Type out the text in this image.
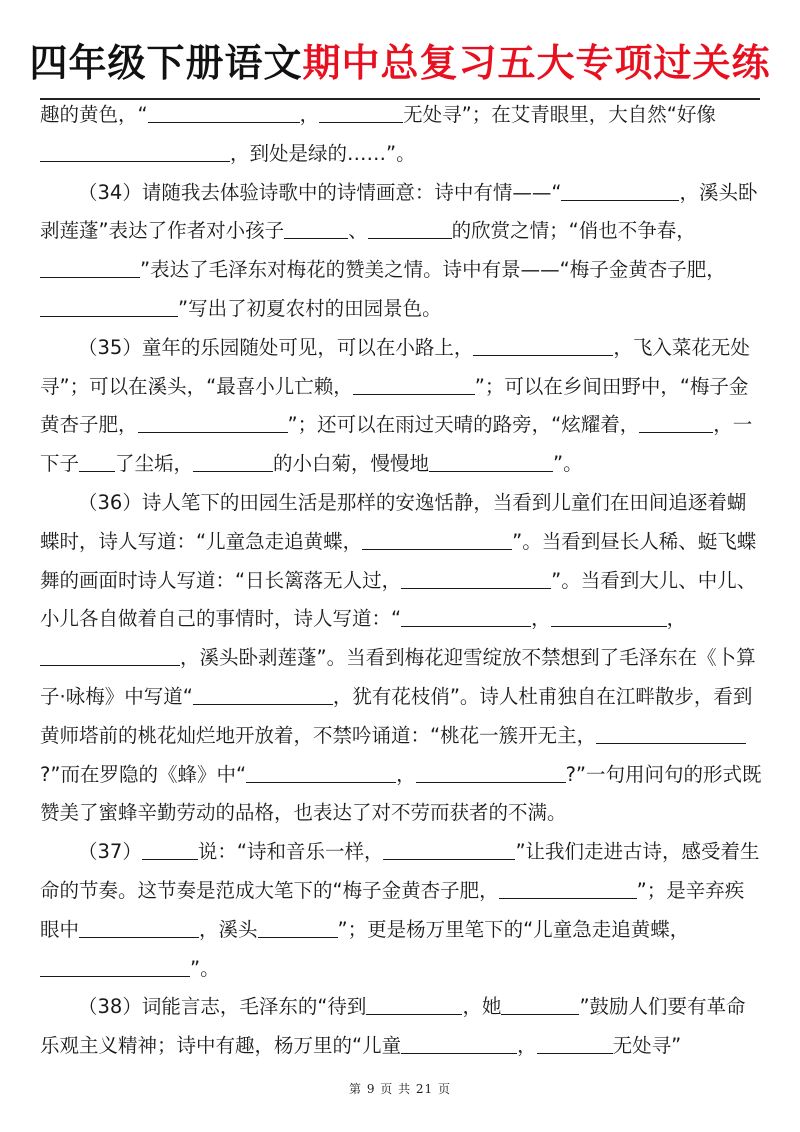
四年级下册语文期中总复习五大专项过关练

趣的黄色，“	，	无处寻”；在艾青眼里，大自然“好像
，到处是绿的……”。

（34）请随我去体验诗歌中的诗情画意：诗中有情——“	，溪头卧剥莲蓬”表达了作者对小孩子	、	的欣赏之情；“俏也不争春，”表达了毛泽东对梅花的赞美之情。诗中有景——“梅子金黄杏子肥，”写出了初夏农村的田园景色。

（35）童年的乐园随处可见，可以在小路上，	，飞入菜花无处寻”；可以在溪头，“最喜小儿亡赖，	”；可以在乡间田野中，“梅子金黄杏子肥，	”；还可以在雨过天晴的路旁，“炫耀着，	，一下子 了尘垢，	的小白菊，慢慢地	”。

（36）诗人笔下的田园生活是那样的安逸恬静，当看到儿童们在田间追逐着蝴蝶时，诗人写道：“儿童急走追黄蝶，	”。当看到昼长人稀、蜓飞蝶舞的画面时诗人写道：“日长篱落无人过，	”。当看到大儿、中儿、小儿各自做着自己的事情时，诗人写道：“	，	，，溪头卧剥莲蓬”。当看到梅花迎雪绽放不禁想到了毛泽东在《卜算子·咏梅》中写道“	，犹有花枝俏”。诗人杜甫独自在江畔散步，看到黄师塔前的桃花灿烂地开放着，不禁吟诵道：“桃花一簇开无主，?”而在罗隐的《蜂》中“	，	?”一句用问句的形式既赞美了蜜蜂辛勤劳动的品格，也表达了对不劳而获者的不满。

（37）	说：“诗和音乐一样，	”让我们走进古诗，感受着生命的节奏。这节奏是范成大笔下的“梅子金黄杏子肥，	”；是辛弃疾眼中	，溪头	”；更是杨万里笔下的“儿童急走追黄蝶，”。

（38）词能言志，毛泽东的“待到	，她	”鼓励人们要有革命乐观主义精神；诗中有趣，杨万里的“儿童	，	无处寻”

第 9 页 共 21 页
